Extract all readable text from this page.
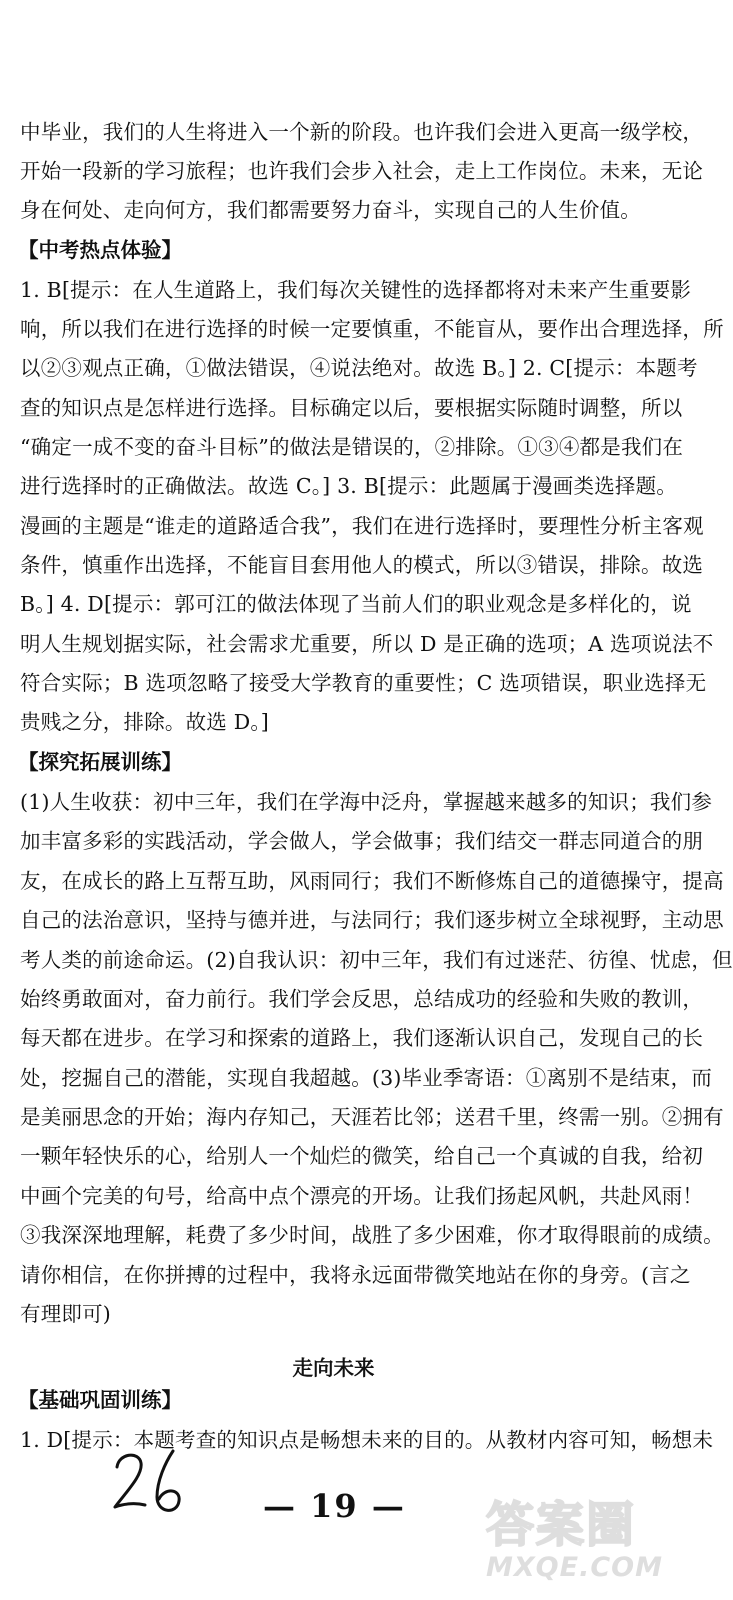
中毕业，我们的人生将进入一个新的阶段。也许我们会进入更高一级学校，
开始一段新的学习旅程；也许我们会步入社会，走上工作岗位。未来，无论
身在何处、走向何方，我们都需要努力奋斗，实现自己的人生价值。
【中考热点体验】
1. B[提示：在人生道路上，我们每次关键性的选择都将对未来产生重要影
响，所以我们在进行选择的时候一定要慎重，不能盲从，要作出合理选择，所
以②③观点正确，①做法错误，④说法绝对。故选 B。] 2. C[提示：本题考
查的知识点是怎样进行选择。目标确定以后，要根据实际随时调整，所以
“确定一成不变的奋斗目标”的做法是错误的，②排除。①③④都是我们在
进行选择时的正确做法。故选 C。] 3. B[提示：此题属于漫画类选择题。
漫画的主题是“谁走的道路适合我”，我们在进行选择时，要理性分析主客观
条件，慎重作出选择，不能盲目套用他人的模式，所以③错误，排除。故选
B。] 4. D[提示：郭可江的做法体现了当前人们的职业观念是多样化的，说
明人生规划据实际，社会需求尤重要，所以 D 是正确的选项；A 选项说法不
符合实际；B 选项忽略了接受大学教育的重要性；C 选项错误，职业选择无
贵贱之分，排除。故选 D。]
【探究拓展训练】
(1)人生收获：初中三年，我们在学海中泛舟，掌握越来越多的知识；我们参
加丰富多彩的实践活动，学会做人，学会做事；我们结交一群志同道合的朋
友，在成长的路上互帮互助，风雨同行；我们不断修炼自己的道德操守，提高
自己的法治意识，坚持与德并进，与法同行；我们逐步树立全球视野，主动思
考人类的前途命运。(2)自我认识：初中三年，我们有过迷茫、彷徨、忧虑，但
始终勇敢面对，奋力前行。我们学会反思，总结成功的经验和失败的教训，
每天都在进步。在学习和探索的道路上，我们逐渐认识自己，发现自己的长
处，挖掘自己的潜能，实现自我超越。(3)毕业季寄语：①离别不是结束，而
是美丽思念的开始；海内存知己，天涯若比邻；送君千里，终需一别。②拥有
一颗年轻快乐的心，给别人一个灿烂的微笑，给自己一个真诚的自我，给初
中画个完美的句号，给高中点个漂亮的开场。让我们扬起风帆，共赴风雨！
③我深深地理解，耗费了多少时间，战胜了多少困难，你才取得眼前的成绩。
请你相信，在你拼搏的过程中，我将永远面带微笑地站在你的身旁。(言之
有理即可)
走向未来
【基础巩固训练】
1. D[提示：本题考查的知识点是畅想未来的目的。从教材内容可知，畅想未
— 19 — 答案圈
MXQE.COM
